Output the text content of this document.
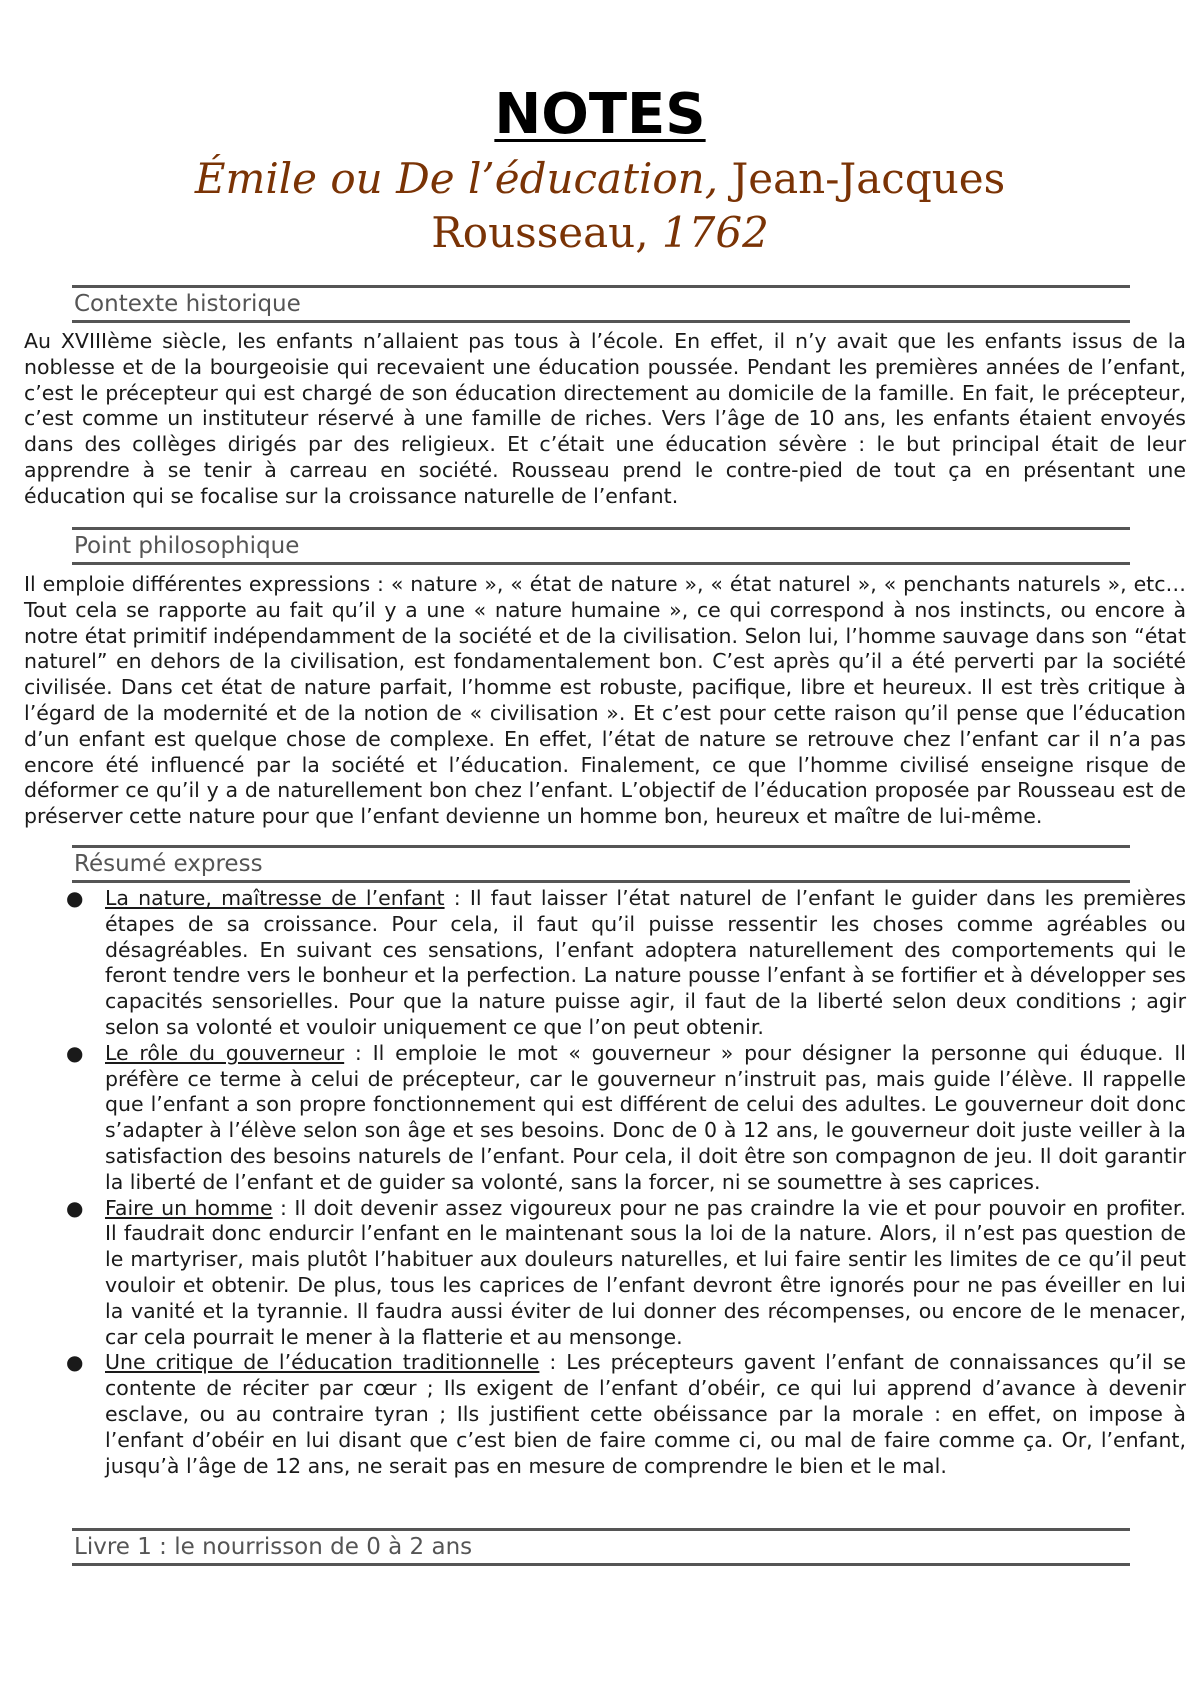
NOTES
Émile ou De l’éducation, Jean-Jacques Rousseau, 1762
Contexte historique

Au XVIIIème siècle, les enfants n’allaient pas tous à l’école. En effet, il n’y avait que les enfants issus de la noblesse et de la bourgeoisie qui recevaient une éducation poussée. Pendant les premières années de l’enfant, c’est le précepteur qui est chargé de son éducation directement au domicile de la famille. En fait, le précepteur, c’est comme un instituteur réservé à une famille de riches. Vers l’âge de 10 ans, les enfants étaient envoyés dans des collèges dirigés par des religieux. Et c’était une éducation sévère : le but principal était de leur apprendre à se tenir à carreau en société. Rousseau prend le contre-pied de tout ça en présentant une éducation qui se focalise sur la croissance naturelle de l’enfant.

Point philosophique

Il emploie différentes expressions : « nature », « état de nature », « état naturel », « penchants naturels », etc… Tout cela se rapporte au fait qu’il y a une « nature humaine », ce qui correspond à nos instincts, ou encore à notre état primitif indépendamment de la société et de la civilisation. Selon lui, l’homme sauvage dans son “état naturel” en dehors de la civilisation, est fondamentalement bon. C’est après qu’il a été perverti par la société civilisée. Dans cet état de nature parfait, l’homme est robuste, pacifique, libre et heureux. Il est très critique à l’égard de la modernité et de la notion de « civilisation ». Et c’est pour cette raison qu’il pense que l’éducation d’un enfant est quelque chose de complexe. En effet, l’état de nature se retrouve chez l’enfant car il n’a pas encore été influencé par la société et l’éducation. Finalement, ce que l’homme civilisé enseigne risque de déformer ce qu’il y a de naturellement bon chez l’enfant. L’objectif de l’éducation proposée par Rousseau est de préserver cette nature pour que l’enfant devienne un homme bon, heureux et maître de lui-même.

Résumé express
● La nature, maîtresse de l’enfant : Il faut laisser l’état naturel de l’enfant le guider dans les premières étapes de sa croissance. Pour cela, il faut qu’il puisse ressentir les choses comme agréables ou désagréables. En suivant ces sensations, l’enfant adoptera naturellement des comportements qui le feront tendre vers le bonheur et la perfection. La nature pousse l’enfant à se fortifier et à développer ses capacités sensorielles. Pour que la nature puisse agir, il faut de la liberté selon deux conditions ; agir selon sa volonté et vouloir uniquement ce que l’on peut obtenir.
● Le rôle du gouverneur : Il emploie le mot « gouverneur » pour désigner la personne qui éduque. Il préfère ce terme à celui de précepteur, car le gouverneur n’instruit pas, mais guide l’élève. Il rappelle que l’enfant a son propre fonctionnement qui est différent de celui des adultes. Le gouverneur doit donc s’adapter à l’élève selon son âge et ses besoins. Donc de 0 à 12 ans, le gouverneur doit juste veiller à la satisfaction des besoins naturels de l’enfant. Pour cela, il doit être son compagnon de jeu. Il doit garantir la liberté de l’enfant et de guider sa volonté, sans la forcer, ni se soumettre à ses caprices.
● Faire un homme : Il doit devenir assez vigoureux pour ne pas craindre la vie et pour pouvoir en profiter. Il faudrait donc endurcir l’enfant en le maintenant sous la loi de la nature. Alors, il n’est pas question de le martyriser, mais plutôt l’habituer aux douleurs naturelles, et lui faire sentir les limites de ce qu’il peut vouloir et obtenir. De plus, tous les caprices de l’enfant devront être ignorés pour ne pas éveiller en lui la vanité et la tyrannie. Il faudra aussi éviter de lui donner des récompenses, ou encore de le menacer, car cela pourrait le mener à la flatterie et au mensonge.
● Une critique de l’éducation traditionnelle : Les précepteurs gavent l’enfant de connaissances qu’il se contente de réciter par cœur ; Ils exigent de l’enfant d’obéir, ce qui lui apprend d’avance à devenir esclave, ou au contraire tyran ; Ils justifient cette obéissance par la morale : en effet, on impose à l’enfant d’obéir en lui disant que c’est bien de faire comme ci, ou mal de faire comme ça. Or, l’enfant, jusqu’à l’âge de 12 ans, ne serait pas en mesure de comprendre le bien et le mal.
Livre 1 : le nourrisson de 0 à 2 ans
